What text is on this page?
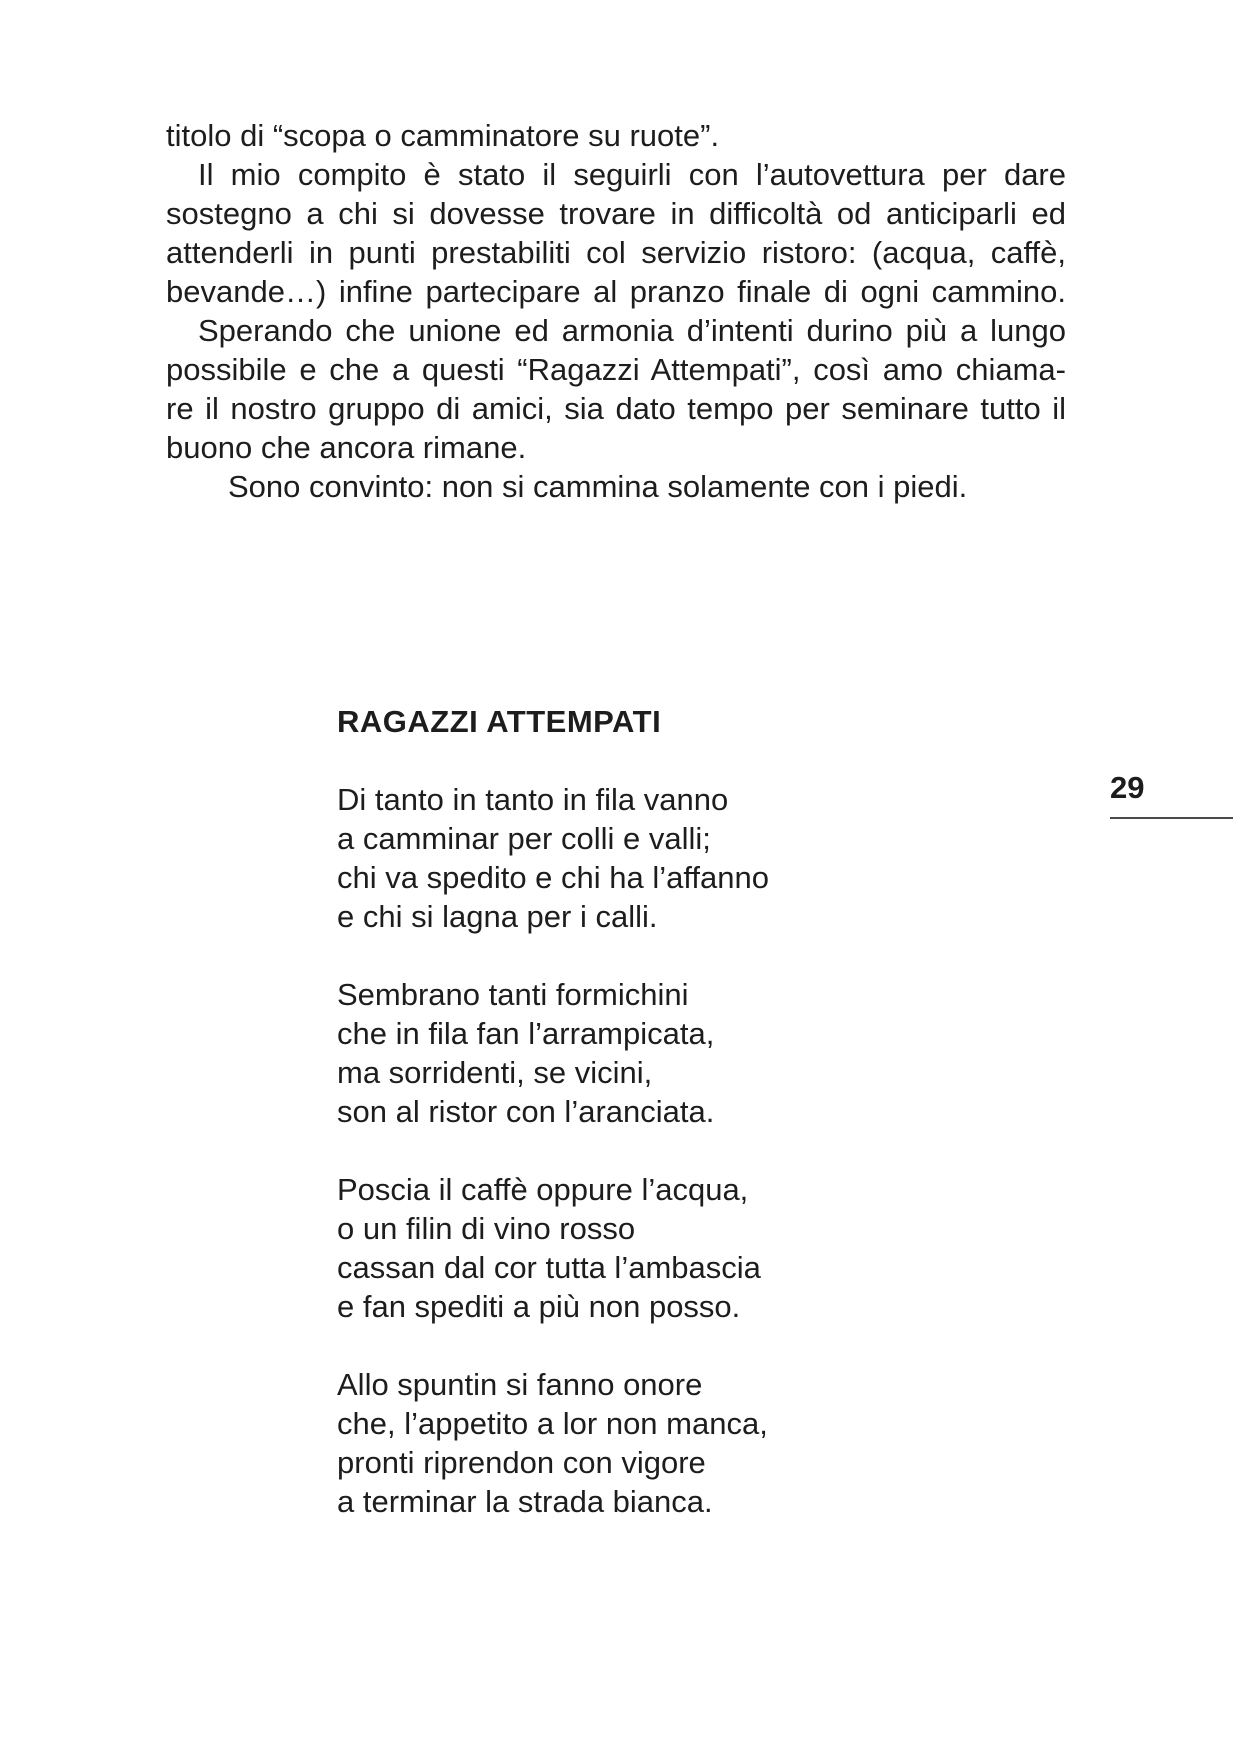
titolo di “scopa o camminatore su ruote”.
Il mio compito è stato il seguirli con l’autovettura per dare
sostegno a chi si dovesse trovare in difficoltà od anticiparli ed
attenderli in punti prestabiliti col servizio ristoro: (acqua, caffè,
bevande…) infine partecipare al pranzo finale di ogni cammino.
Sperando che unione ed armonia d’intenti durino più a lungo
possibile e che a questi “Ragazzi Attempati”, così amo chiama-
re il nostro gruppo di amici, sia dato tempo per seminare tutto il
buono che ancora rimane.
Sono convinto: non si cammina solamente con i piedi.
29
RAGAZZI ATTEMPATI
Di tanto in tanto in fila vanno
a camminar per colli e valli;
chi va spedito e chi ha l’affanno
e chi si lagna per i calli.
Sembrano tanti formichini
che in fila fan l’arrampicata,
ma sorridenti, se vicini,
son al ristor con l’aranciata.
Poscia il caffè oppure l’acqua,
o un filin di vino rosso
cassan dal cor tutta l’ambascia
e fan spediti a più non posso.
Allo spuntin si fanno onore
che, l’appetito a lor non manca,
pronti riprendon con vigore
a terminar la strada bianca.
